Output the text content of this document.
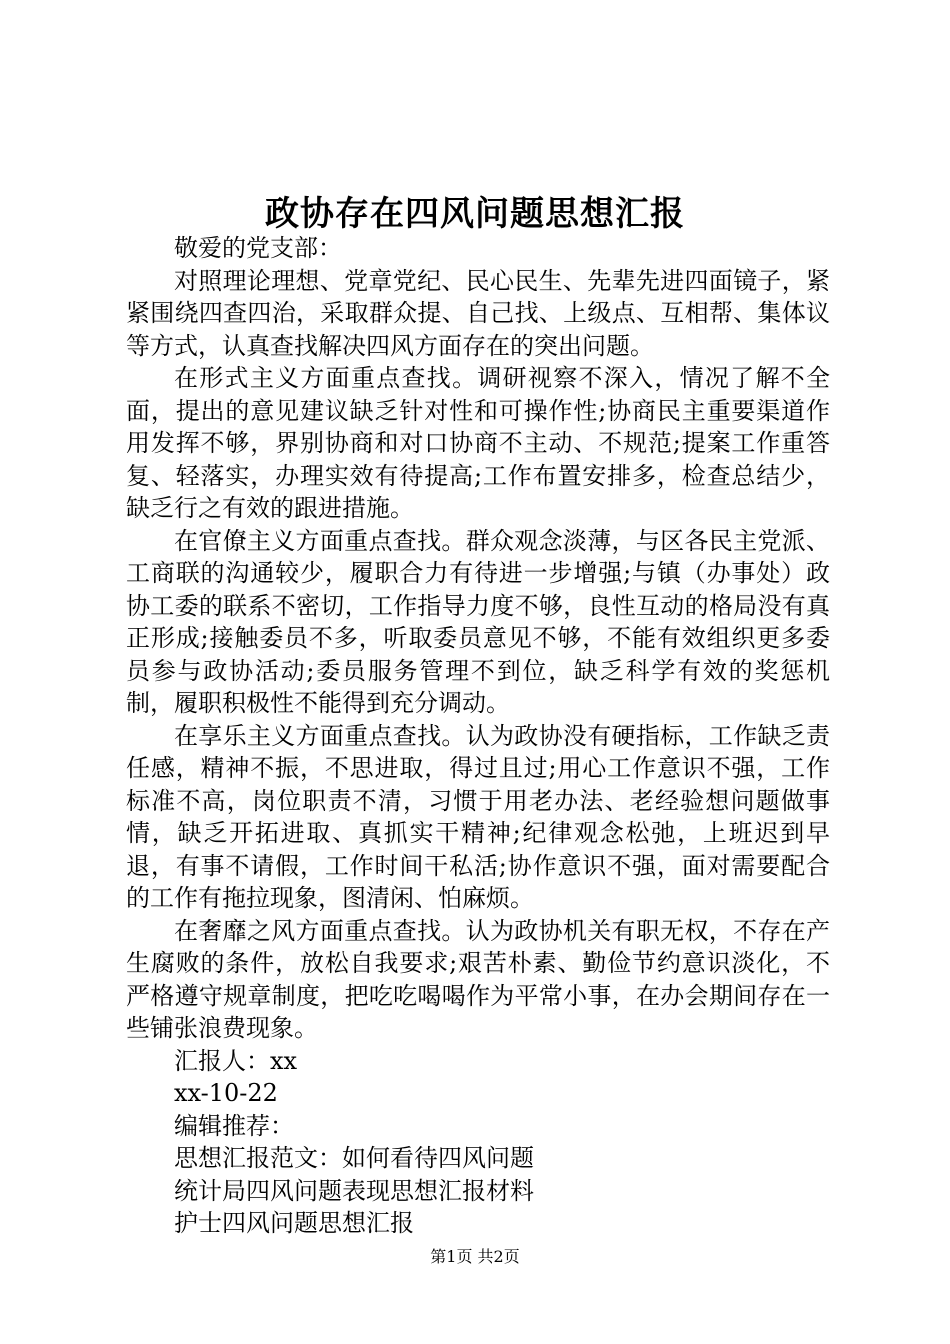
政协存在四风问题思想汇报
敬爱的党支部：

对照理论理想、党章党纪、民心民生、先辈先进四面镜子，紧紧围绕四查四治，采取群众提、自己找、上级点、互相帮、集体议等方式，认真查找解决四风方面存在的突出问题。

在形式主义方面重点查找。调研视察不深入，情况了解不全面，提出的意见建议缺乏针对性和可操作性;协商民主重要渠道作用发挥不够，界别协商和对口协商不主动、不规范;提案工作重答复、轻落实，办理实效有待提高;工作布置安排多，检查总结少，缺乏行之有效的跟进措施。

在官僚主义方面重点查找。群众观念淡薄，与区各民主党派、工商联的沟通较少，履职合力有待进一步增强;与镇（办事处）政协工委的联系不密切，工作指导力度不够，良性互动的格局没有真正形成;接触委员不多，听取委员意见不够，不能有效组织更多委员参与政协活动;委员服务管理不到位，缺乏科学有效的奖惩机制，履职积极性不能得到充分调动。

在享乐主义方面重点查找。认为政协没有硬指标，工作缺乏责任感，精神不振，不思进取，得过且过;用心工作意识不强，工作标准不高，岗位职责不清，习惯于用老办法、老经验想问题做事情，缺乏开拓进取、真抓实干精神;纪律观念松弛，上班迟到早退，有事不请假，工作时间干私活;协作意识不强，面对需要配合的工作有拖拉现象，图清闲、怕麻烦。

在奢靡之风方面重点查找。认为政协机关有职无权，不存在产生腐败的条件，放松自我要求;艰苦朴素、勤俭节约意识淡化，不严格遵守规章制度，把吃吃喝喝作为平常小事，在办会期间存在一些铺张浪费现象。

汇报人：xx
xx-10-22
编辑推荐：
思想汇报范文：如何看待四风问题
统计局四风问题表现思想汇报材料
护士四风问题思想汇报
第1页 共2页
